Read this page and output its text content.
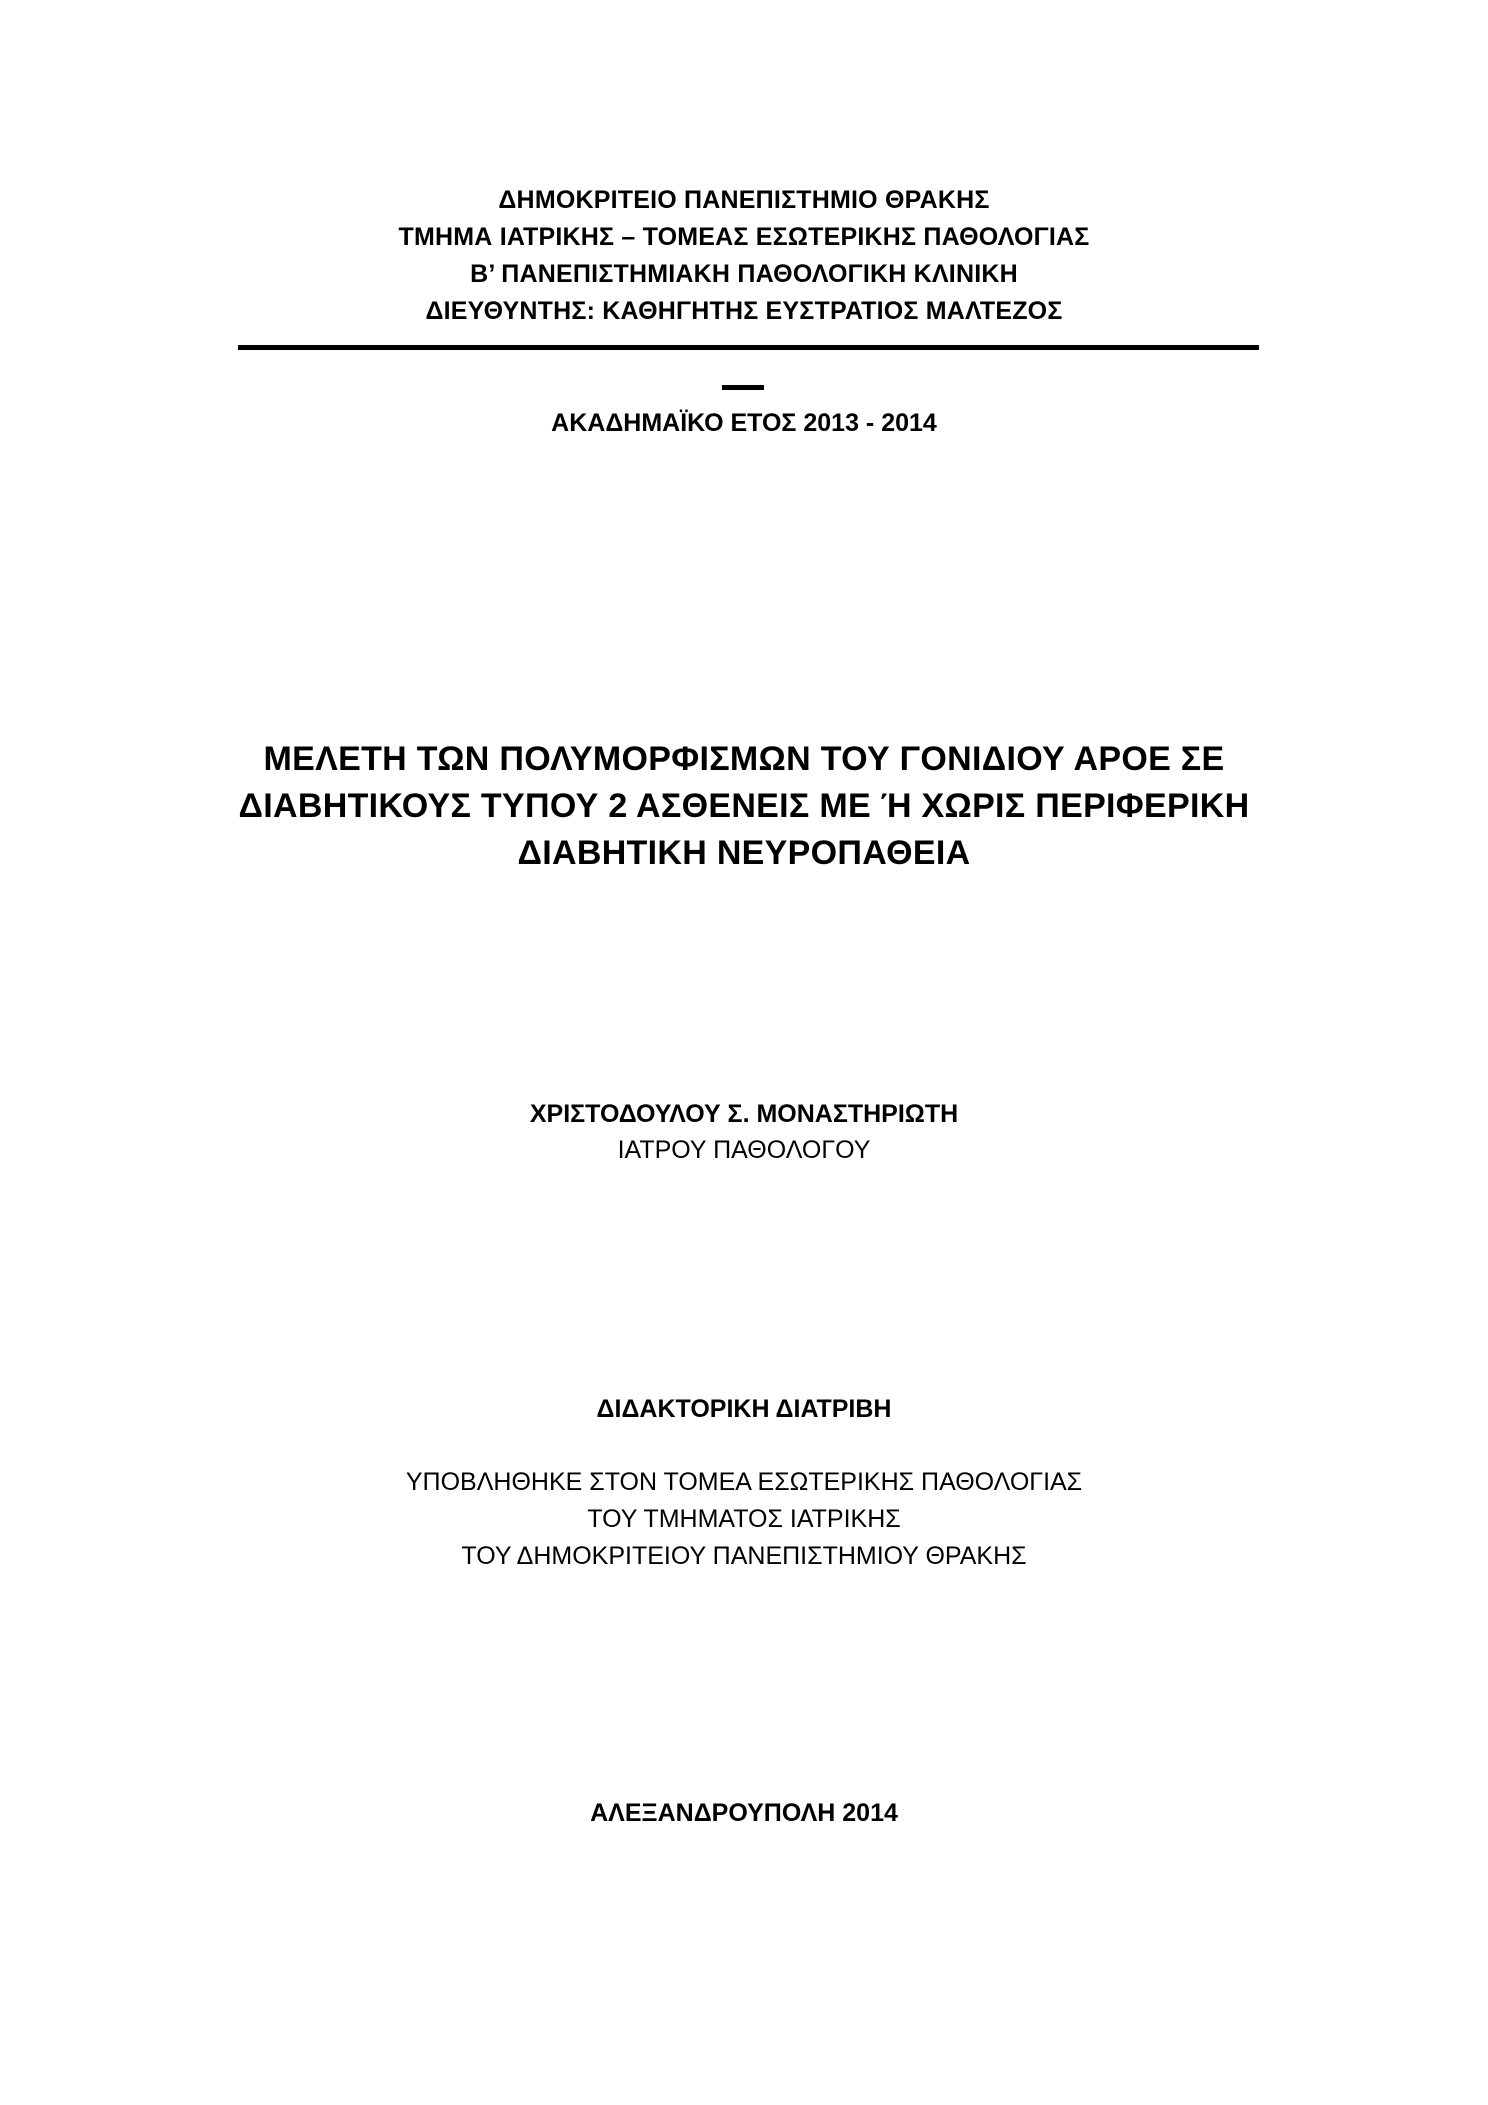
ΔΗΜΟΚΡΙΤΕΙΟ ΠΑΝΕΠΙΣΤΗΜΙΟ ΘΡΑΚΗΣ
ΤΜΗΜΑ ΙΑΤΡΙΚΗΣ – ΤΟΜΕΑΣ ΕΣΩΤΕΡΙΚΗΣ ΠΑΘΟΛΟΓΙΑΣ
Β’ ΠΑΝΕΠΙΣΤΗΜΙΑΚΗ ΠΑΘΟΛΟΓΙΚΗ ΚΛΙΝΙΚΗ
ΔΙΕΥΘΥΝΤΗΣ: ΚΑΘΗΓΗΤΗΣ ΕΥΣΤΡΑΤΙΟΣ ΜΑΛΤΕΖΟΣ
ΑΚΑΔΗΜΑΪΚΟ ΕΤΟΣ 2013 - 2014
ΜΕΛΕΤΗ ΤΩΝ ΠΟΛΥΜΟΡΦΙΣΜΩΝ ΤΟΥ ΓΟΝΙΔΙΟΥ ΑΡΟΕ ΣΕ
ΔΙΑΒΗΤΙΚΟΥΣ ΤΥΠΟΥ 2 ΑΣΘΕΝΕΙΣ ΜΕ Ή ΧΩΡΙΣ ΠΕΡΙΦΕΡΙΚΗ
ΔΙΑΒΗΤΙΚΗ ΝΕΥΡΟΠΑΘΕΙΑ
ΧΡΙΣΤΟΔΟΥΛΟΥ Σ. ΜΟΝΑΣΤΗΡΙΩΤΗ
ΙΑΤΡΟΥ ΠΑΘΟΛΟΓΟΥ
ΔΙΔΑΚΤΟΡΙΚΗ ΔΙΑΤΡΙΒΗ
ΥΠΟΒΛΗΘΗΚΕ ΣΤΟΝ ΤΟΜΕΑ ΕΣΩΤΕΡΙΚΗΣ ΠΑΘΟΛΟΓΙΑΣ
ΤΟΥ ΤΜΗΜΑΤΟΣ ΙΑΤΡΙΚΗΣ
ΤΟΥ ΔΗΜΟΚΡΙΤΕΙΟΥ ΠΑΝΕΠΙΣΤΗΜΙΟΥ ΘΡΑΚΗΣ
ΑΛΕΞΑΝΔΡΟΥΠΟΛΗ 2014
